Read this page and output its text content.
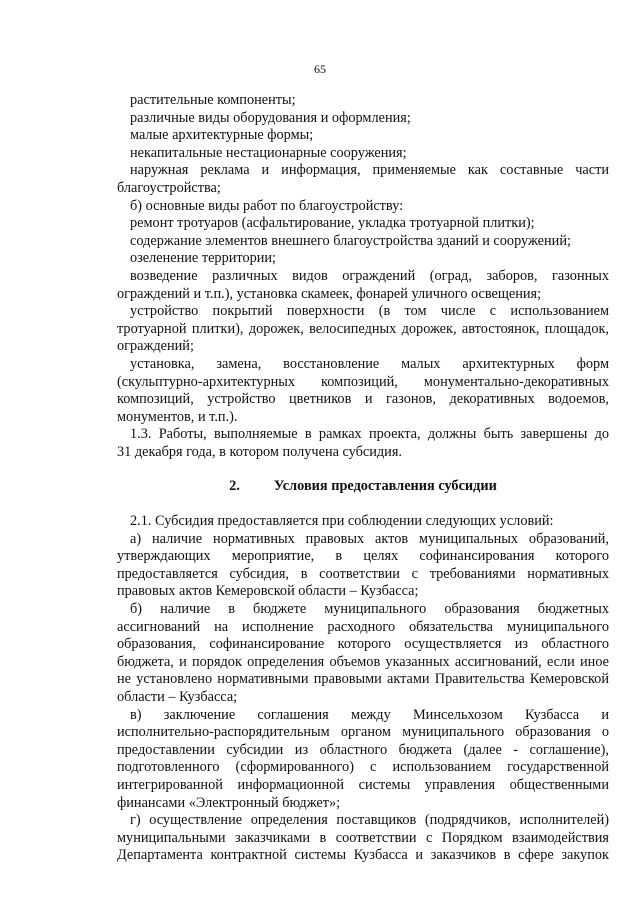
65
растительные компоненты;
различные виды оборудования и оформления;
малые архитектурные формы;
некапитальные нестационарные сооружения;
наружная реклама и информация, применяемые как составные части
благоустройства;
б) основные виды работ по благоустройству:
ремонт тротуаров (асфальтирование, укладка тротуарной плитки);
содержание элементов внешнего благоустройства зданий и сооружений;
озеленение территории;
возведение различных видов ограждений (оград, заборов, газонных
ограждений и т.п.), установка скамеек, фонарей уличного освещения;
устройство покрытий поверхности (в том числе с использованием
тротуарной плитки), дорожек, велосипедных дорожек, автостоянок, площадок,
ограждений;
установка, замена, восстановление малых архитектурных форм
(скульптурно-архитектурных композиций, монументально-декоративных
композиций, устройство цветников и газонов, декоративных водоемов,
монументов, и т.п.).
1.3. Работы, выполняемые в рамках проекта, должны быть завершены до
31 декабря года, в котором получена субсидия.
2. Условия предоставления субсидии
2.1. Субсидия предоставляется при соблюдении следующих условий:
а) наличие нормативных правовых актов муниципальных образований,
утверждающих мероприятие, в целях софинансирования которого
предоставляется субсидия, в соответствии с требованиями нормативных
правовых актов Кемеровской области – Кузбасса;
б) наличие в бюджете муниципального образования бюджетных
ассигнований на исполнение расходного обязательства муниципального
образования, софинансирование которого осуществляется из областного
бюджета, и порядок определения объемов указанных ассигнований, если иное
не установлено нормативными правовыми актами Правительства Кемеровской
области – Кузбасса;
в) заключение соглашения между Минсельхозом Кузбасса и
исполнительно-распорядительным органом муниципального образования о
предоставлении субсидии из областного бюджета (далее - соглашение),
подготовленного (сформированного) с использованием государственной
интегрированной информационной системы управления общественными
финансами «Электронный бюджет»;
г) осуществление определения поставщиков (подрядчиков, исполнителей)
муниципальными заказчиками в соответствии с Порядком взаимодействия
Департамента контрактной системы Кузбасса и заказчиков в сфере закупок
